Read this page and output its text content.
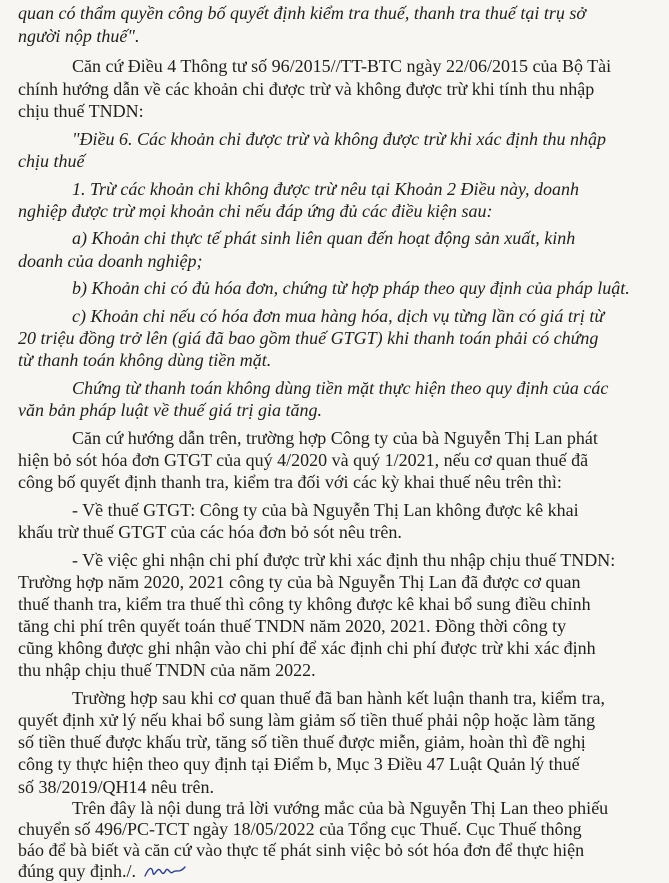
quan có thẩm quyền công bố quyết định kiểm tra thuế, thanh tra thuế tại trụ sở
người nộp thuế".
Căn cứ Điều 4 Thông tư số 96/2015//TT-BTC ngày 22/06/2015 của Bộ Tài
chính hướng dẫn về các khoản chi được trừ và không được trừ khi tính thu nhập
chịu thuế TNDN:
"Điều 6. Các khoản chi được trừ và không được trừ khi xác định thu nhập
chịu thuế
1. Trừ các khoản chi không được trừ nêu tại Khoản 2 Điều này, doanh
nghiệp được trừ mọi khoản chi nếu đáp ứng đủ các điều kiện sau:
a) Khoản chi thực tế phát sinh liên quan đến hoạt động sản xuất, kinh
doanh của doanh nghiệp;
b) Khoản chi có đủ hóa đơn, chứng từ hợp pháp theo quy định của pháp luật.
c) Khoản chi nếu có hóa đơn mua hàng hóa, dịch vụ từng lần có giá trị từ
20 triệu đồng trở lên (giá đã bao gồm thuế GTGT) khi thanh toán phải có chứng
từ thanh toán không dùng tiền mặt.
Chứng từ thanh toán không dùng tiền mặt thực hiện theo quy định của các
văn bản pháp luật về thuế giá trị gia tăng.
Căn cứ hướng dẫn trên, trường hợp Công ty của bà Nguyễn Thị Lan phát
hiện bỏ sót hóa đơn GTGT của quý 4/2020 và quý 1/2021, nếu cơ quan thuế đã
công bố quyết định thanh tra, kiểm tra đối với các kỳ khai thuế nêu trên thì:
- Về thuế GTGT: Công ty của bà Nguyễn Thị Lan không được kê khai
khấu trừ thuế GTGT của các hóa đơn bỏ sót nêu trên.
- Về việc ghi nhận chi phí được trừ khi xác định thu nhập chịu thuế TNDN:
Trường hợp năm 2020, 2021 công ty của bà Nguyễn Thị Lan đã được cơ quan
thuế thanh tra, kiểm tra thuế thì công ty không được kê khai bổ sung điều chỉnh
tăng chi phí trên quyết toán thuế TNDN năm 2020, 2021. Đồng thời công ty
cũng không được ghi nhận vào chi phí để xác định chi phí được trừ khi xác định
thu nhập chịu thuế TNDN của năm 2022.
Trường hợp sau khi cơ quan thuế đã ban hành kết luận thanh tra, kiểm tra,
quyết định xử lý nếu khai bổ sung làm giảm số tiền thuế phải nộp hoặc làm tăng
số tiền thuế được khấu trừ, tăng số tiền thuế được miễn, giảm, hoàn thì đề nghị
công ty thực hiện theo quy định tại Điểm b, Mục 3 Điều 47 Luật Quản lý thuế
số 38/2019/QH14 nêu trên.
Trên đây là nội dung trả lời vướng mắc của bà Nguyễn Thị Lan theo phiếu
chuyển số 496/PC-TCT ngày 18/05/2022 của Tổng cục Thuế. Cục Thuế thông
báo để bà biết và căn cứ vào thực tế phát sinh việc bỏ sót hóa đơn để thực hiện
đúng quy định./.
